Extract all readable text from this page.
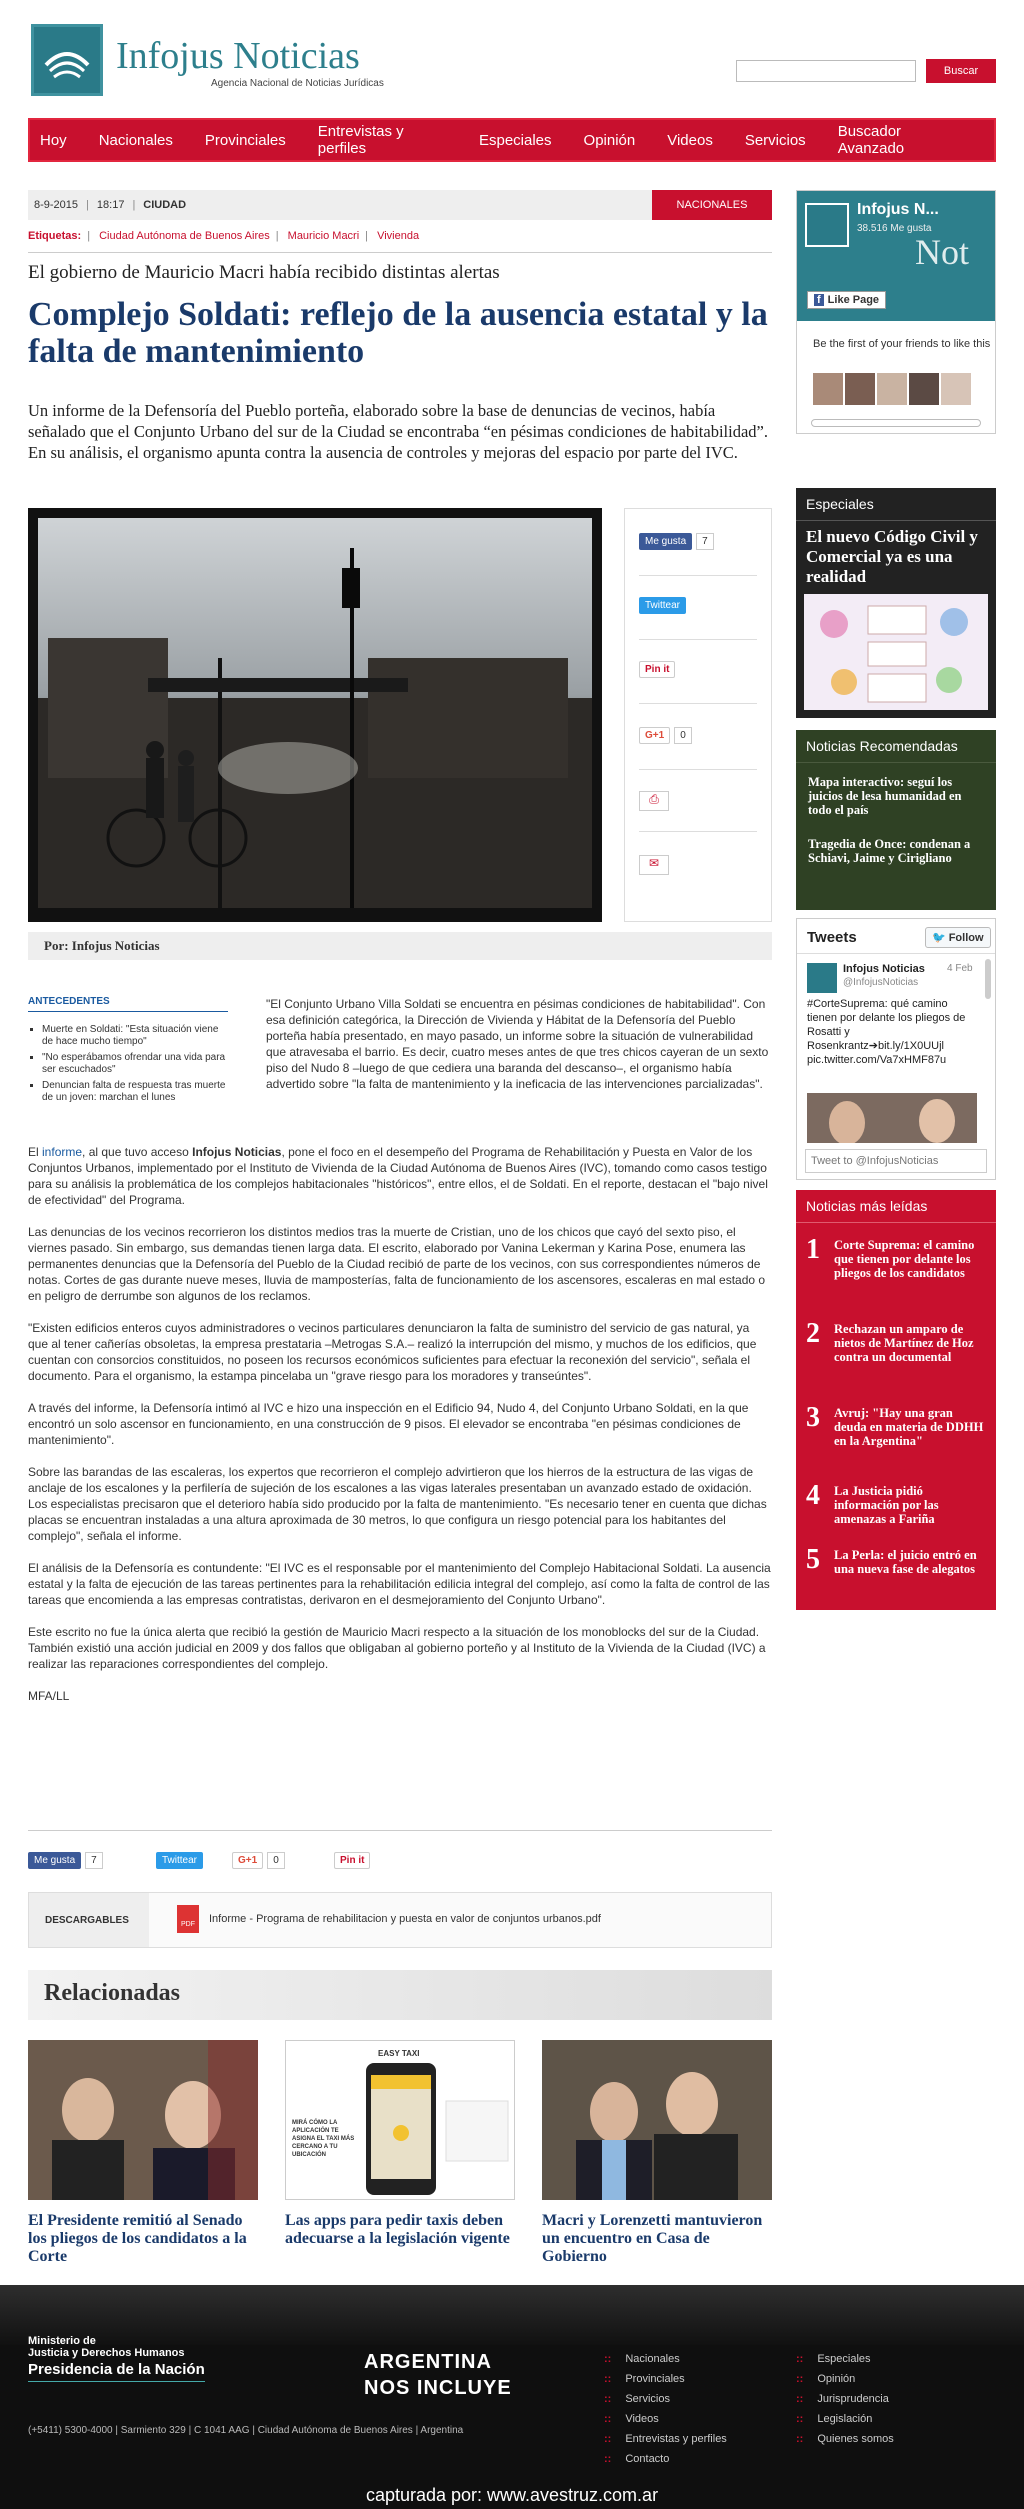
Infojus Noticias
Agencia Nacional de Noticias Jurídicas
Buscar
Hoy Nacionales Provinciales Entrevistas y perfiles	Especiales Opinión Videos Servicios Buscador Avanzado
8-9-2015 | 18:17 | CIUDAD	NACIONALES
Etiquetas: | Ciudad Autónoma de Buenos Aires | Mauricio Macri | Vivienda
El gobierno de Mauricio Macri había recibido distintas alertas
Complejo Soldati: reflejo de la ausencia estatal y la falta de mantenimiento

Un informe de la Defensoría del Pueblo porteña, elaborado sobre la base de denuncias de vecinos, había señalado que el Conjunto Urbano del sur de la Ciudad se encontraba “en pésimas condiciones de habitabilidad”. En su análisis, el organismo apunta contra la ausencia de controles y mejoras del espacio por parte del IVC.

Me gusta 7
Twittear
Pin it
G+1 0
⎙
✉
Por: Infojus Noticias
ANTECEDENTES
▪ Muerte en Soldati: "Esta situación viene de hace mucho tiempo"
▪ "No esperábamos ofrendar una vida para ser escuchados"
▪ Denuncian falta de respuesta tras muerte de un joven: marchan el lunes

"El Conjunto Urbano Villa Soldati se encuentra en pésimas condiciones de habitabilidad". Con esa definición categórica, la Dirección de Vivienda y Hábitat de la Defensoría del Pueblo porteña había presentado, en mayo pasado, un informe sobre la situación de vulnerabilidad que atravesaba el barrio. Es decir, cuatro meses antes de que tres chicos cayeran de un sexto piso del Nudo 8 –luego de que cediera una baranda del descanso–, el organismo había advertido sobre "la falta de mantenimiento y la ineficacia de las intervenciones parcializadas".

El informe, al que tuvo acceso Infojus Noticias, pone el foco en el desempeño del Programa de Rehabilitación y Puesta en Valor de los Conjuntos Urbanos, implementado por el Instituto de Vivienda de la Ciudad Autónoma de Buenos Aires (IVC), tomando como casos testigo para su análisis la problemática de los complejos habitacionales "históricos", entre ellos, el de Soldati. En el reporte, destacan el "bajo nivel de efectividad" del Programa.

Las denuncias de los vecinos recorrieron los distintos medios tras la muerte de Cristian, uno de los chicos que cayó del sexto piso, el viernes pasado. Sin embargo, sus demandas tienen larga data. El escrito, elaborado por Vanina Lekerman y Karina Pose, enumera las permanentes denuncias que la Defensoría del Pueblo de la Ciudad recibió de parte de los vecinos, con sus correspondientes números de notas. Cortes de gas durante nueve meses, lluvia de mamposterías, falta de funcionamiento de los ascensores, escaleras en mal estado o en peligro de derrumbe son algunos de los reclamos.

"Existen edificios enteros cuyos administradores o vecinos particulares denunciaron la falta de suministro del servicio de gas natural, ya que al tener cañerías obsoletas, la empresa prestataria –Metrogas S.A.– realizó la interrupción del mismo, y muchos de los edificios, que cuentan con consorcios constituidos, no poseen los recursos económicos suficientes para efectuar la reconexión del servicio", señala el documento. Para el organismo, la estampa pincelaba un "grave riesgo para los moradores y transeúntes".

A través del informe, la Defensoría intimó al IVC e hizo una inspección en el Edificio 94, Nudo 4, del Conjunto Urbano Soldati, en la que encontró un solo ascensor en funcionamiento, en una construcción de 9 pisos. El elevador se encontraba "en pésimas condiciones de mantenimiento".

Sobre las barandas de las escaleras, los expertos que recorrieron el complejo advirtieron que los hierros de la estructura de las vigas de anclaje de los escalones y la perfilería de sujeción de los escalones a las vigas laterales presentaban un avanzado estado de oxidación. Los especialistas precisaron que el deterioro había sido producido por la falta de mantenimiento. "Es necesario tener en cuenta que dichas placas se encuentran instaladas a una altura aproximada de 30 metros, lo que configura un riesgo potencial para los habitantes del complejo", señala el informe.

El análisis de la Defensoría es contundente: "El IVC es el responsable por el mantenimiento del Complejo Habitacional Soldati. La ausencia estatal y la falta de ejecución de las tareas pertinentes para la rehabilitación edilicia integral del complejo, así como la falta de control de las tareas que encomienda a las empresas contratistas, derivaron en el desmejoramiento del Conjunto Urbano".

Este escrito no fue la única alerta que recibió la gestión de Mauricio Macri respecto a la situación de los monoblocks del sur de la Ciudad. También existió una acción judicial en 2009 y dos fallos que obligaban al gobierno porteño y al Instituto de la Vivienda de la Ciudad (IVC) a realizar las reparaciones correspondientes del complejo.

MFA/LL

Me gusta 7	Twittear	G+1 0	Pin it
DESCARGABLES	PDF	Informe - Programa de rehabilitacion y puesta en valor de conjuntos urbanos.pdf
Relacionadas
El Presidente remitió al Senado los pliegos de los candidatos a la Corte
EASY TAXI
MIRÁ CÓMO LA APLICACIÓN TE ASIGNA EL TAXI MÁS CERCANO A TU UBICACIÓN
Las apps para pedir taxis deben adecuarse a la legislación vigente
Macri y Lorenzetti mantuvieron un encuentro en Casa de Gobierno
Infojus N...
38.516 Me gusta
Not
f Like Page
Be the first of your friends to like this
Especiales
El nuevo Código Civil y Comercial ya es una realidad
Noticias Recomendadas
Mapa interactivo: seguí los juicios de lesa humanidad en todo el país
Tragedia de Once: condenan a Schiavi, Jaime y Cirigliano
Tweets	🐦 Follow
Infojus Noticias 4 Feb
@InfojusNoticias
#CorteSuprema: qué camino tienen por delante los pliegos de Rosatti y Rosenkrantz➔bit.ly/1X0UUjl pic.twitter.com/Va7xHMF87u
Tweet to @InfojusNoticias
Noticias más leídas
1 Corte Suprema: el camino que tienen por delante los pliegos de los candidatos
2 Rechazan un amparo de nietos de Martínez de Hoz contra un documental
3 Avruj: "Hay una gran deuda en materia de DDHH en la Argentina"
4 La Justicia pidió información por las amenazas a Fariña
5 La Perla: el juicio entró en una nueva fase de alegatos
Ministerio de
Justicia y Derechos Humanos
Presidencia de la Nación
(+5411) 5300-4000 | Sarmiento 329 | C 1041 AAG | Ciudad Autónoma de Buenos Aires | Argentina
ARGENTINA
NOS INCLUYE
:: Nacionales
:: Provinciales
:: Servicios
:: Videos
:: Entrevistas y perfiles
:: Contacto
:: Especiales
:: Opinión
:: Jurisprudencia
:: Legislación
:: Quienes somos
capturada por: www.avestruz.com.ar
